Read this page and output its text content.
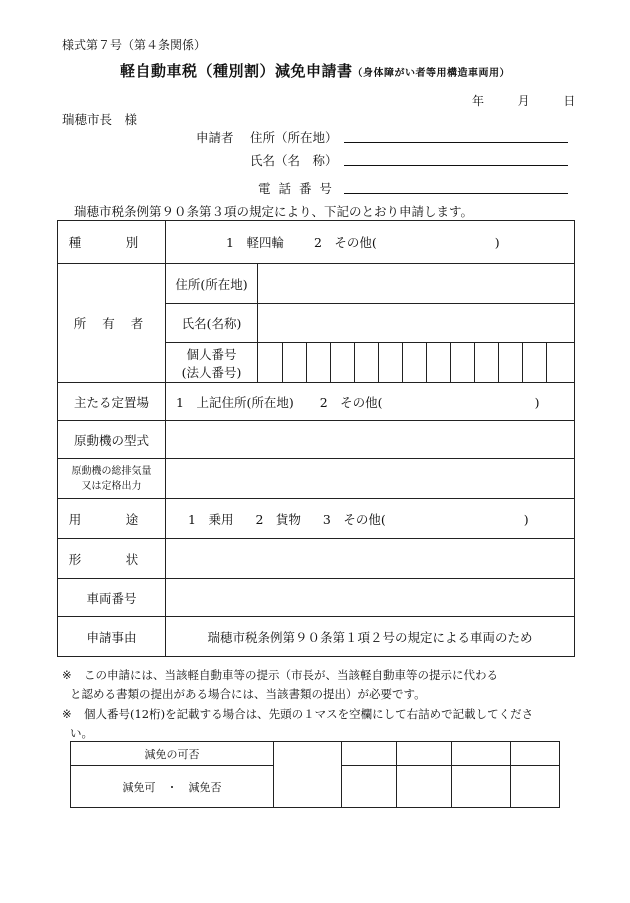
様式第７号（第４条関係）
軽自動車税（種別割）減免申請書（身体障がい者等用構造車両用）
年	月	日
瑞穂市長　様
申請者 住所（所在地）
氏名（名　称）
電 話 番 号
瑞穂市税条例第９０条第３項の規定により、下記のとおり申請します。
種　別	1　軽四輪 2　その他( )													
所 有 者	住所(所在地)													
	氏名(名称)													

	個人番号
(法人番号)													

主たる定置場	1　上記住所(所在地) 2　その他( )													
原動機の型式														

原動機の総排気量
又は定格出力														

用　途	1　乗用 2　貨物 3　その他( )													
形　状														
車両番号														
申請事由	瑞穂市税条例第９０条第１項２号の規定による車両のため													
※ この申請には、当該軽自動車等の提示（市長が、当該軽自動車等の提示に代わる
と認める書類の提出がある場合には、当該書類の提出）が必要です。
※ 個人番号(12桁)を記載する場合は、先頭の１マスを空欄にして右詰めで記載してくださ
い。
減免の可否					
減免可　・　減免否					
